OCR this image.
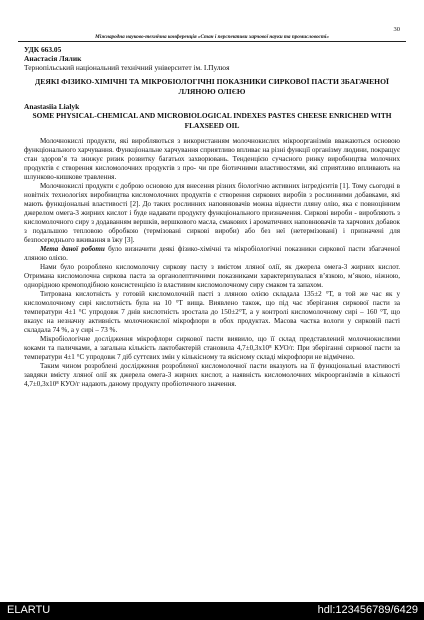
30
Міжнародна науково-технічна конференція «Стан і перспективи харчової науки та промисловості»

УДК 663.05

Анастасія Лялик

Тернопільський національний технічний університет ім. І.Пулюя

ДЕЯКІ ФІЗИКО-ХІМІЧНІ ТА МІКРОБІОЛОГІЧНІ ПОКАЗНИКИ СИРКОВОЇ ПАСТИ ЗБАГАЧЕНОЇ ЛЛЯНОЮ ОЛІЄЮ

Anastasiia Lialyk

SOME PHYSICAL-CHEMICAL AND MICROBIOLOGICAL INDEXES PASTES CHEESE ENRICHED WITH FLAXSEED OIL

Молочнокислі продукти, які виробляються з використанням молочнокислих мікроорганізмів вважаються основою функціонального харчування. Функціональне харчування сприятливо впливає на різні функції організму людини, покращує стан здоров’я та знижує ризик розвитку багатьох захворювань. Тенденцією сучасного ринку виробництва молочних продуктів є створення кисломолочних продуктів з про- чи пре біотичними властивостями, які сприятливо впливають на шлунково-кишкове травлення.

Молочнокислі продукти є доброю основою для внесення різних біологічно активних інгредієнтів [1]. Тому сьогодні в новітніх технологіях виробництва кисломолочних продуктів є створення сиркових виробів з рослинними добавками, які мають функціональні властивості [2]. До таких рослинних наповнювачів можна віднести лляну олію, яка є повноцінним джерелом омега-3 жирних кислот і буде надавати продукту функціонального призначення. Сиркові вироби - виробляють з кисломолочного сиру з додаванням вершків, вершкового масла, смакових і ароматичних наповнювачів та харчових добавок з подальшою тепловою обробкою (термізовані сиркові вироби) або без неї (нетермізовані) і призначені для безпосереднього вживання в їжу [3].

Мета даної роботи було визначити деякі фізико-хімічні та мікробіологічні показники сиркової пасти збагаченої лляною олією.

Нами було розроблено кисломолочну сиркову пасту з вмістом лляної олії, як джерела омега-3 жирних кислот. Отримана кисломолочна сиркова паста за органолептичними показниками характеризувалася в’язкою, м’якою, ніжною, однорідною кремоподібною консистенцією із властивим кисломолочному сиру смаком та запахом.

Титрована кислотність у готовій кисломолочній пасті з лляною олією складала 135±2 °Т, в той же час як у кисломолочному сирі кислотність була на 10 °Т вища. Виявлено також, що під час зберігання сиркової пасти за температури 4±1 °С упродовж 7 днів кислотність зростала до 150±2°Т, а у контролі кисломолочному сирі – 160 °Т, що вказує на незначну активність молочнокислої мікрофлори в обох продуктах. Масова частка вологи у сирковій пасті складала 74 %, а у сирі – 73 %.

Мікробіологічне дослідження мікрофлори сиркової пасти виявило, що її склад представлений молочнокислими коками та паличками, а загальна кількість лактобактерій становила 4,7±0,3х10⁸ КУО/г. При зберіганні сиркової пасти за температури 4±1 °С упродовж 7 діб суттєвих змін у кількісному та якісному складі мікрофлори не відмічено.

Таким чином розроблені дослідження розробленої кисломолочної пасти вказують на її функціональні властивості завдяки вмісту лляної олії як джерела омега-3 жирних кислот, а наявність кисломолочних мікроорганізмів в кількості 4,7±0,3х10⁸ КУО/г надають даному продукту пробіотичного значення.

ELARTU	hdl:123456789/6429
